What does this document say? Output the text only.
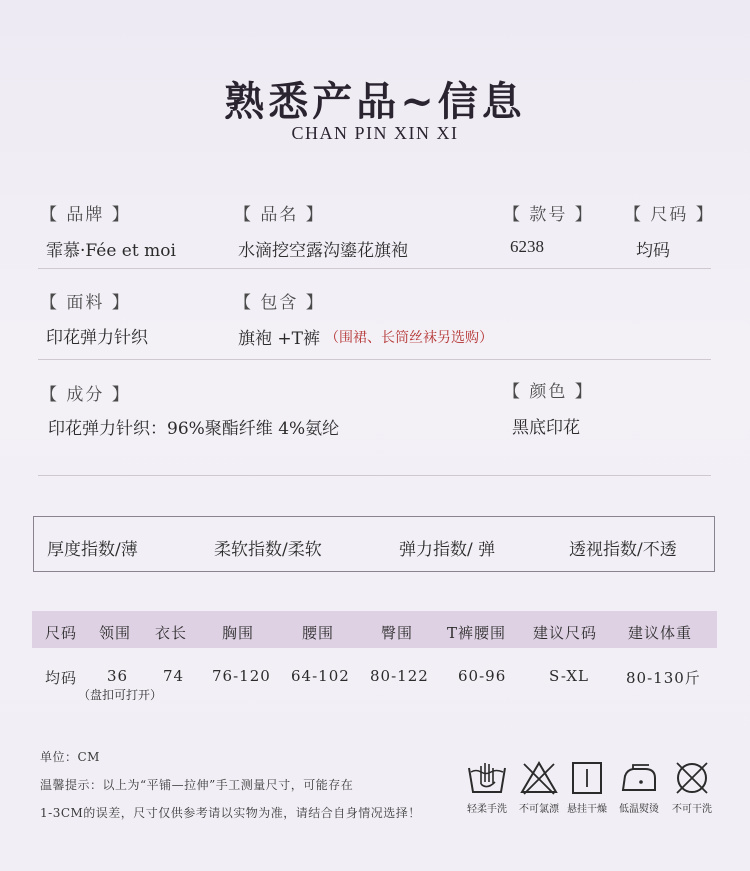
熟悉产品~信息
CHAN PIN XIN XI
【 品牌 】
霏慕·Fée et moi
【 品名 】
水滴挖空露沟鎏花旗袍
【 款号 】
6238
【 尺码 】
均码
【 面料 】
印花弹力针织
【 包含 】
旗袍 +T裤 （围裙、长筒丝袜另选购）
【 成分 】
印花弹力针织：96%聚酯纤维 4%氨纶
【 颜色 】
黑底印花
厚度指数/薄	柔软指数/柔软	弹力指数/ 弹	透视指数/不透
尺码 领围 衣长 胸围	腰围	臀围 T裤腰围 建议尺码 建议体重
均码 36 74 76-120 64-102 80-122 60-96	S-XL 80-130斤
（盘扣可打开）
单位：CM
温馨提示：以上为“平铺—拉伸”手工测量尺寸，可能存在
1-3CM的误差，尺寸仅供参考请以实物为准，请结合自身情况选择！	轻柔手洗	不可氯漂 悬挂干燥	低温熨烫	不可干洗
